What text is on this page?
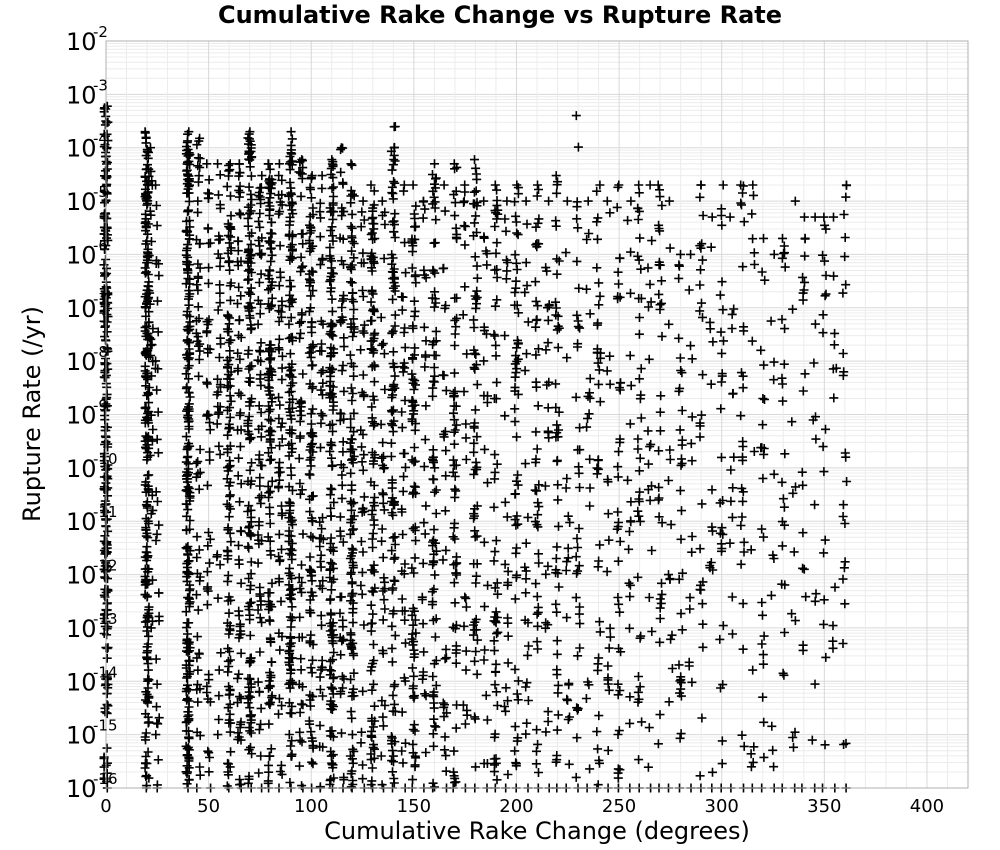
Cumulative Rake Change vs Rupture Rate
0	50	100	150	200	250	300	350	400
10
-16
10
-15
10
-14
10
-13
10
-12
10
-11
10
-10
10
-9
10
-8
10
-7
10
-6
10
-5
10
-4
10
-3
10
-2
Cumulative Rake Change (degrees)
Rupture Rate (/yr)
